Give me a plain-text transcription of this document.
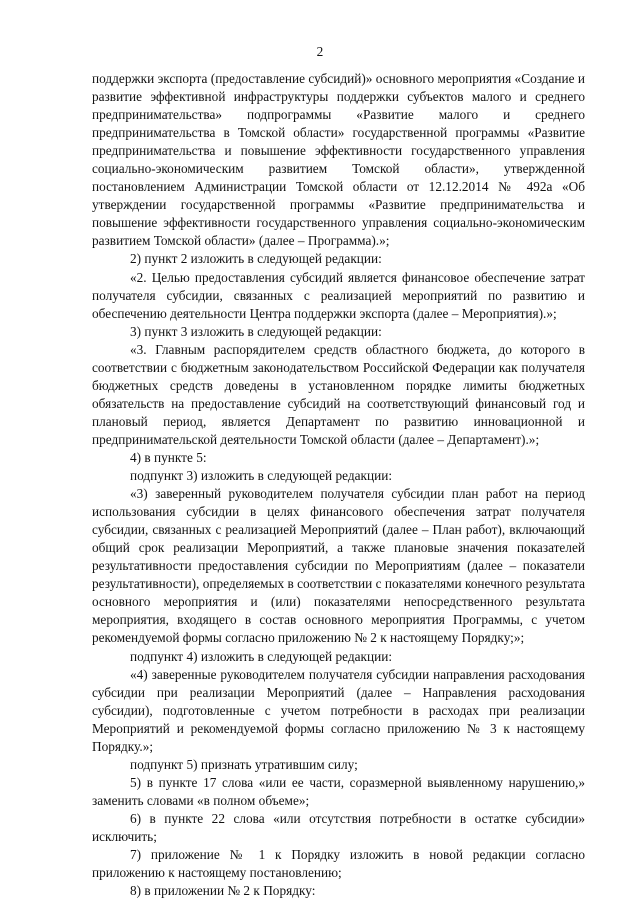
2

поддержки экспорта (предоставление субсидий)» основного мероприятия «Создание и развитие эффективной инфраструктуры поддержки субъектов малого и среднего предпринимательства» подпрограммы «Развитие малого и среднего предпринимательства в Томской области» государственной программы «Развитие предпринимательства и повышение эффективности государственного управления социально-экономическим развитием Томской области», утвержденной постановлением Администрации Томской области от 12.12.2014 № 492а «Об утверждении государственной программы «Развитие предпринимательства и повышение эффективности государственного управления социально-экономическим развитием Томской области» (далее – Программа).»;

2) пункт 2 изложить в следующей редакции:

«2. Целью предоставления субсидий является финансовое обеспечение затрат получателя субсидии, связанных с реализацией мероприятий по развитию и обеспечению деятельности Центра поддержки экспорта (далее – Мероприятия).»;

3) пункт 3 изложить в следующей редакции:

«3. Главным распорядителем средств областного бюджета, до которого в соответствии с бюджетным законодательством Российской Федерации как получателя бюджетных средств доведены в установленном порядке лимиты бюджетных обязательств на предоставление субсидий на соответствующий финансовый год и плановый период, является Департамент по развитию инновационной и предпринимательской деятельности Томской области (далее – Департамент).»;

4) в пункте 5:

подпункт 3) изложить в следующей редакции:

«3) заверенный руководителем получателя субсидии план работ на период использования субсидии в целях финансового обеспечения затрат получателя субсидии, связанных с реализацией Мероприятий (далее – План работ), включающий общий срок реализации Мероприятий, а также плановые значения показателей результативности предоставления субсидии по Мероприятиям (далее – показатели результативности), определяемых в соответствии с показателями конечного результата основного мероприятия и (или) показателями непосредственного результата мероприятия, входящего в состав основного мероприятия Программы, с учетом рекомендуемой формы согласно приложению № 2 к настоящему Порядку;»;

подпункт 4) изложить в следующей редакции:

«4) заверенные руководителем получателя субсидии направления расходования субсидии при реализации Мероприятий (далее – Направления расходования субсидии), подготовленные с учетом потребности в расходах при реализации Мероприятий и рекомендуемой формы согласно приложению № 3 к настоящему Порядку.»;

подпункт 5) признать утратившим силу;

5) в пункте 17 слова «или ее части, соразмерной выявленному нарушению,» заменить словами «в полном объеме»;

6) в пункте 22 слова «или отсутствия потребности в остатке субсидии» исключить;

7) приложение № 1 к Порядку изложить в новой редакции согласно приложению к настоящему постановлению;

8) в приложении № 2 к Порядку:
